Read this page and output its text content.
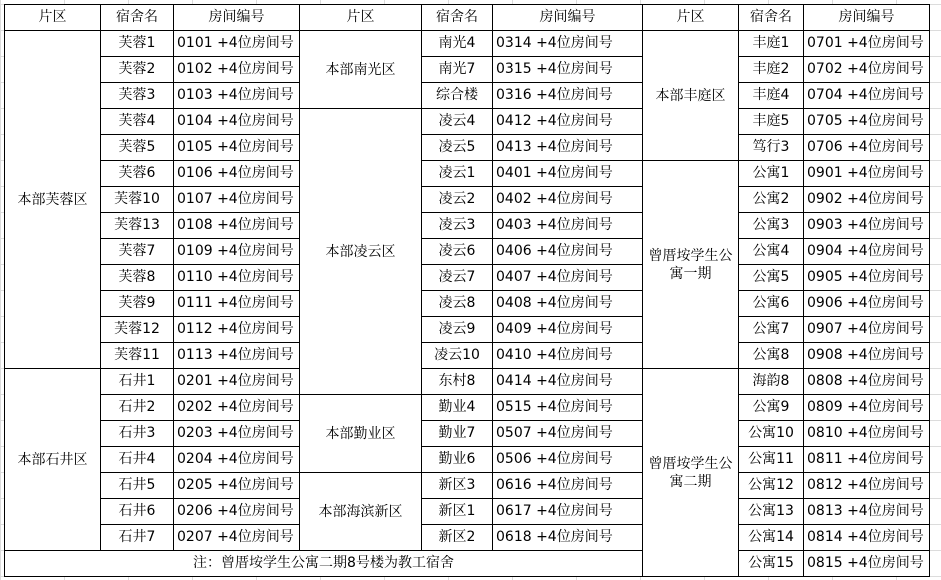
片区	宿舍名	房间编号	片区	宿舍名	房间编号	片区	宿舍名	房间编号
本部芙蓉区	芙蓉1	0101 +4位房间号	本部南光区	南光4	0314 +4位房间号	本部丰庭区	丰庭1	0701 +4位房间号
	芙蓉2	0102 +4位房间号		南光7	0315 +4位房间号		丰庭2	0702 +4位房间号
	芙蓉3	0103 +4位房间号		综合楼	0316 +4位房间号		丰庭4	0704 +4位房间号
	芙蓉4	0104 +4位房间号	本部凌云区	凌云4	0412 +4位房间号		丰庭5	0705 +4位房间号
	芙蓉5	0105 +4位房间号		凌云5	0413 +4位房间号		笃行3	0706 +4位房间号
	芙蓉6	0106 +4位房间号		凌云1	0401 +4位房间号	曾厝垵学生公寓一期	公寓1	0901 +4位房间号
	芙蓉10	0107 +4位房间号		凌云2	0402 +4位房间号		公寓2	0902 +4位房间号
	芙蓉13	0108 +4位房间号		凌云3	0403 +4位房间号		公寓3	0903 +4位房间号
	芙蓉7	0109 +4位房间号		凌云6	0406 +4位房间号		公寓4	0904 +4位房间号
	芙蓉8	0110 +4位房间号		凌云7	0407 +4位房间号		公寓5	0905 +4位房间号
	芙蓉9	0111 +4位房间号		凌云8	0408 +4位房间号		公寓6	0906 +4位房间号
	芙蓉12	0112 +4位房间号		凌云9	0409 +4位房间号		公寓7	0907 +4位房间号
	芙蓉11	0113 +4位房间号		凌云10	0410 +4位房间号		公寓8	0908 +4位房间号
本部石井区	石井1	0201 +4位房间号		东村8	0414 +4位房间号	曾厝垵学生公寓二期	海韵8	0808 +4位房间号
	石井2	0202 +4位房间号	本部勤业区	勤业4	0515 +4位房间号		公寓9	0809 +4位房间号
	石井3	0203 +4位房间号		勤业7	0507 +4位房间号		公寓10	0810 +4位房间号
	石井4	0204 +4位房间号		勤业6	0506 +4位房间号		公寓11	0811 +4位房间号
	石井5	0205 +4位房间号	本部海滨新区	新区3	0616 +4位房间号		公寓12	0812 +4位房间号
	石井6	0206 +4位房间号		新区1	0617 +4位房间号		公寓13	0813 +4位房间号
	石井7	0207 +4位房间号		新区2	0618 +4位房间号		公寓14	0814 +4位房间号
注：曾厝垵学生公寓二期8号楼为教工宿舍							公寓15	0815 +4位房间号
